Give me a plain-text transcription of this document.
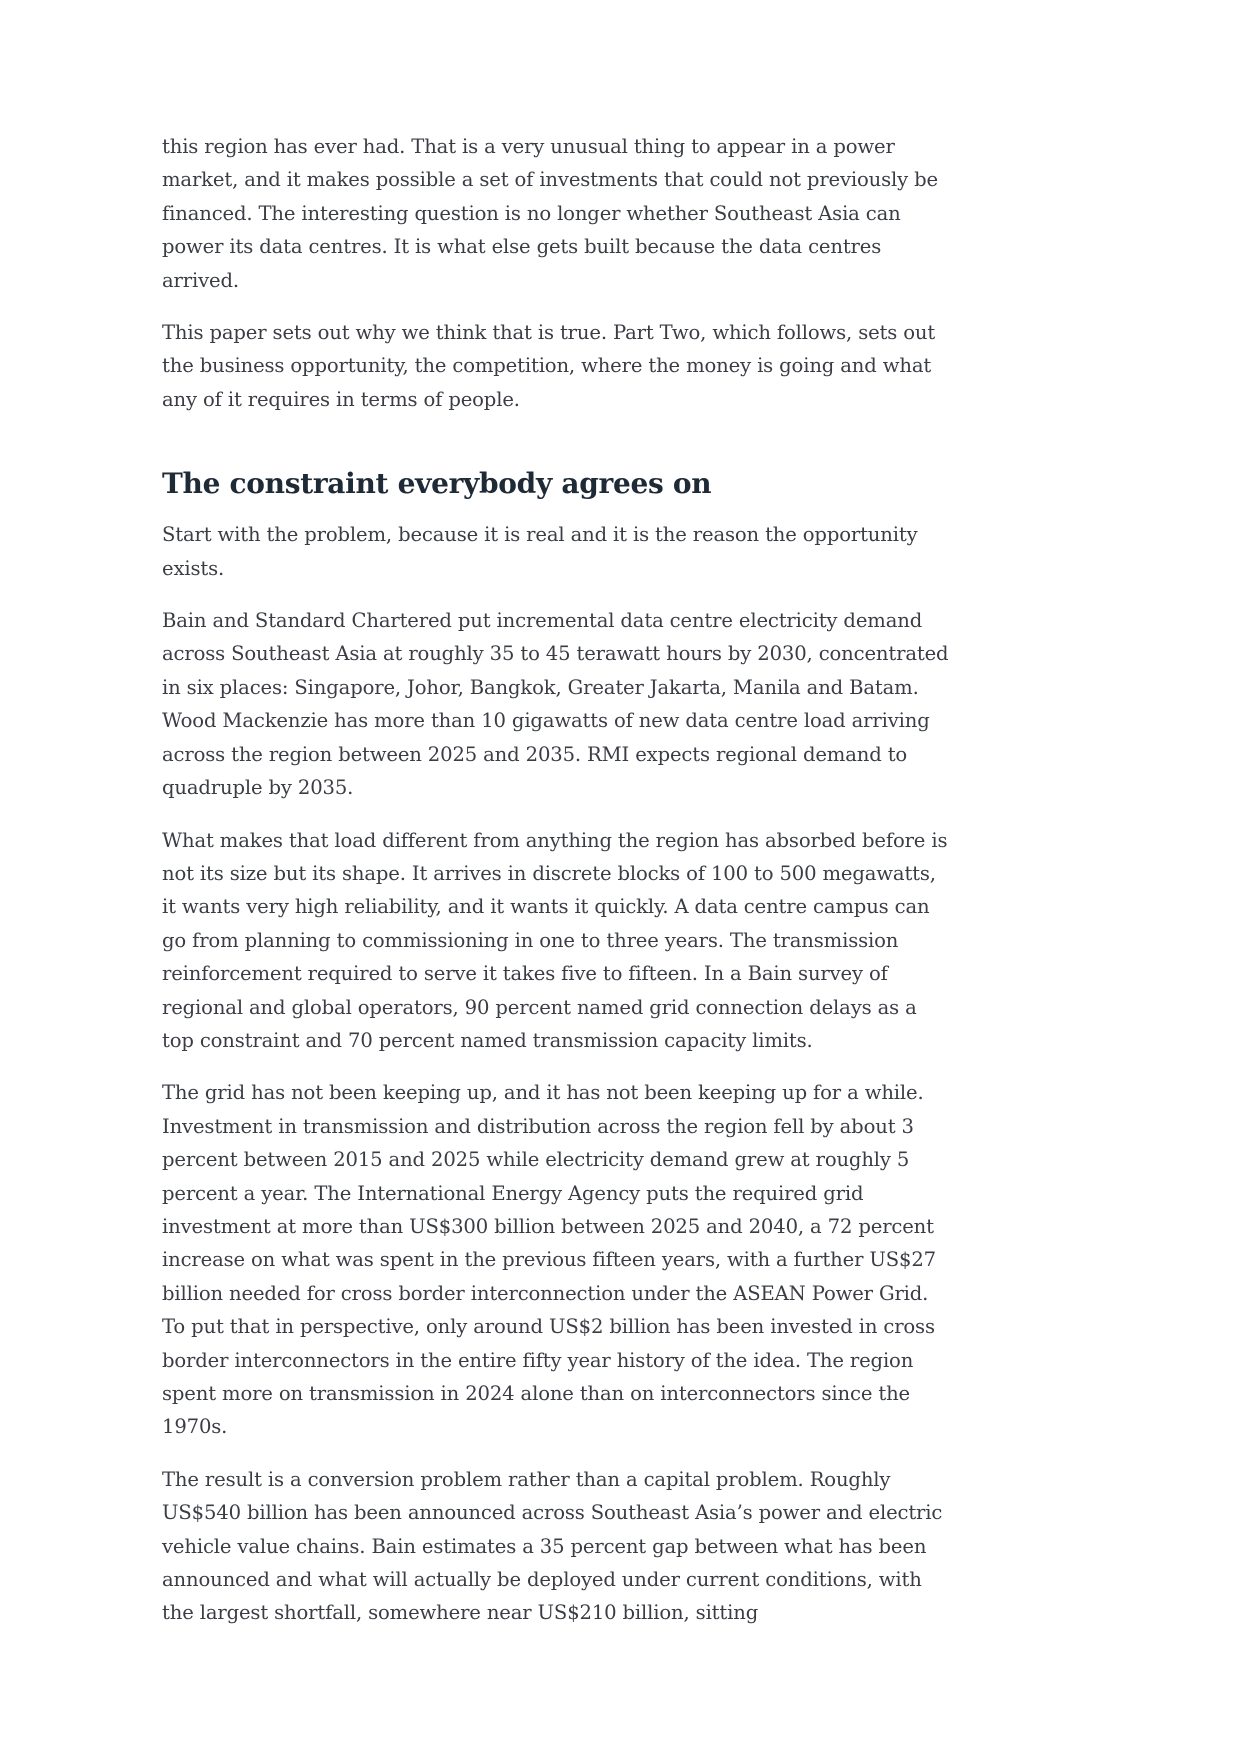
this region has ever had. That is a very unusual thing to appear in a power market, and it makes possible a set of investments that could not previously be financed. The interesting question is no longer whether Southeast Asia can power its data centres. It is what else gets built because the data centres arrived.

This paper sets out why we think that is true. Part Two, which follows, sets out the business opportunity, the competition, where the money is going and what any of it requires in terms of people.

The constraint everybody agrees on

Start with the problem, because it is real and it is the reason the opportunity exists.

Bain and Standard Chartered put incremental data centre electricity demand across Southeast Asia at roughly 35 to 45 terawatt hours by 2030, concentrated in six places: Singapore, Johor, Bangkok, Greater Jakarta, Manila and Batam. Wood Mackenzie has more than 10 gigawatts of new data centre load arriving across the region between 2025 and 2035. RMI expects regional demand to quadruple by 2035.

What makes that load different from anything the region has absorbed before is not its size but its shape. It arrives in discrete blocks of 100 to 500 megawatts, it wants very high reliability, and it wants it quickly. A data centre campus can go from planning to commissioning in one to three years. The transmission reinforcement required to serve it takes five to fifteen. In a Bain survey of regional and global operators, 90 percent named grid connection delays as a top constraint and 70 percent named transmission capacity limits.

The grid has not been keeping up, and it has not been keeping up for a while. Investment in transmission and distribution across the region fell by about 3 percent between 2015 and 2025 while electricity demand grew at roughly 5 percent a year. The International Energy Agency puts the required grid investment at more than US$300 billion between 2025 and 2040, a 72 percent increase on what was spent in the previous fifteen years, with a further US$27 billion needed for cross border interconnection under the ASEAN Power Grid. To put that in perspective, only around US$2 billion has been invested in cross border interconnectors in the entire fifty year history of the idea. The region spent more on transmission in 2024 alone than on interconnectors since the 1970s.

The result is a conversion problem rather than a capital problem. Roughly US$540 billion has been announced across Southeast Asia’s power and electric vehicle value chains. Bain estimates a 35 percent gap between what has been announced and what will actually be deployed under current conditions, with the largest shortfall, somewhere near US$210 billion, sitting
